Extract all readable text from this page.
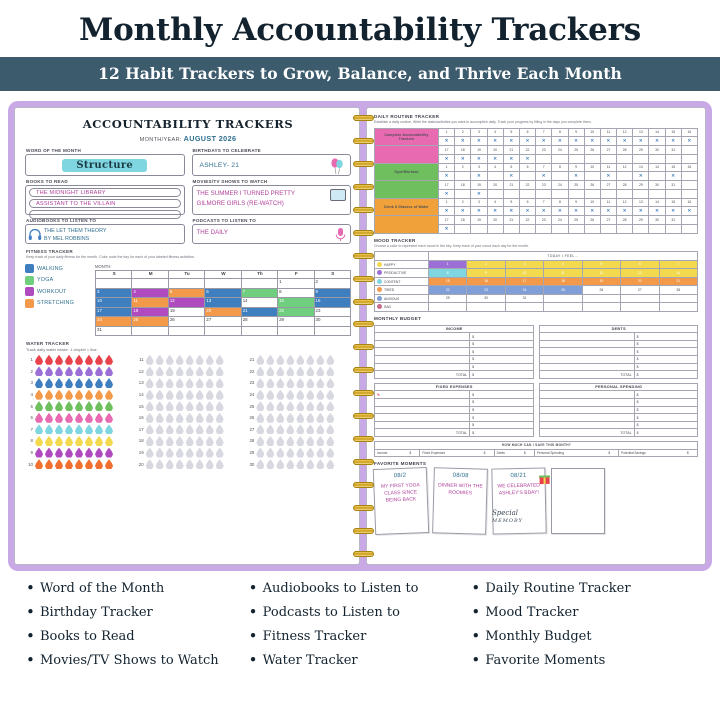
Monthly Accountability Trackers
12 Habit Trackers to Grow, Balance, and Thrive Each Month
ACCOUNTABILITY TRACKERS
MONTH/YEAR: AUGUST 2026
WORD OF THE MONTH
Structure
BIRTHDAYS TO CELEBRATE
ASHLEY- 21
BOOKS TO READ
THE MIDNIGHT LIBRARY
ASSISTANT TO THE VILLAIN
MOVIES/TV SHOWS TO WATCH
THE SUMMER I TURNED PRETTY
GILMORE GIRLS (RE-WATCH)
AUDIOBOOKS TO LISTEN TO
THE LET THEM THEORY
BY MEL ROBBINS
PODCASTS TO LISTEN TO
THE DAILY
FITNESS TRACKER
Keep track of your daily fitness for the month. Color code the key for each of your labeled fitness activities.
WALKING
YOGA
WORKOUT
STRETCHING
MONTH:
S	M	Tu	W	Th	F	S
					1	2
3	4	5	6	7	8	9
10	11	12	13	14	15	16
17	18	19	20	21	22	23
24	25	26	27	28	29	30
31						
WATER TRACKER
Track daily water intake. 1 droplet = 8oz.
1
2
3
4
5
6
7
8
9
10
11
12
13
14
15
16
17
18
19
20
21
22
23
24
25
26
27
28
29
30
DAILY ROUTINE TRACKER

Establish a daily routine. Write the tasks/activities you want to accomplish daily. Track your progress by filling in the days you complete them.

Complete Accountability Trackers	1	2	3	4	5	6	7	8	9	10	11	12	13	14	15	16
	✕	✕	✕	✕	✕	✕	✕	✕	✕	✕	✕	✕	✕	✕	✕	✕
	17	18	19	20	21	22	23	24	25	26	27	28	29	30	31	
	✕	✕	✕	✕	✕	✕										
Gym/Workout	1	2	3	4	5	6	7	8	9	10	11	12	13	14	15	16
	✕		✕		✕		✕		✕		✕		✕		✕	
	17	18	19	20	21	22	23	24	25	26	27	28	29	30	31	
	✕		✕													
Drink 8 Glasses of Water	1	2	3	4	5	6	7	8	9	10	11	12	13	14	15	16
	✕	✕	✕	✕	✕	✕	✕	✕	✕	✕	✕	✕	✕	✕	✕	✕
	17	18	19	20	21	22	23	24	25	26	27	28	29	30	31	
	✕															
MOOD TRACKER

Choose a color to represent each mood in the key. Keep track of your mood each day for the month.

	TODAY I FEEL...						
HAPPY	1	2	3	4	5	6	7
PRODUCTIVE	8	9	10	11	12	13	14
CONTENT	15	16	17	18	19	20	21
TIRED	22	23	24	25	26	27	28
ANXIOUS	29	30	31				
SAD							
MONTHLY BUDGET
INCOME	
	$
	$
	$
	$
	$
TOTAL	$
DEBTS	
	$
	$
	$
	$
	$
TOTAL	$
FIXED EXPENSES	
✎	$
	$
	$
	$
	$
TOTAL	$
PERSONAL SPENDING	
	$
	$
	$
	$
	$
TOTAL	$
HOW MUCH CAN I SAVE THIS MONTH?
Income	$	Fixed Expenses	$	Debts	$	Personal Spending	$	Potential Savings	$
FAVORITE MOMENTS
08/2
MY FIRST YOGA CLASS SINCE BEING BACK
08/08
DINNER WITH THE ROOMIES
08/21
WE CELEBRATED ASHLEY'S BDAY!
Special
MEMORY
• Word of the Month
• Birthday Tracker
• Books to Read
• Movies/TV Shows to Watch
• Audiobooks to Listen to
• Podcasts to Listen to
• Fitness Tracker
• Water Tracker
• Daily Routine Tracker
• Mood Tracker
• Monthly Budget
• Favorite Moments
